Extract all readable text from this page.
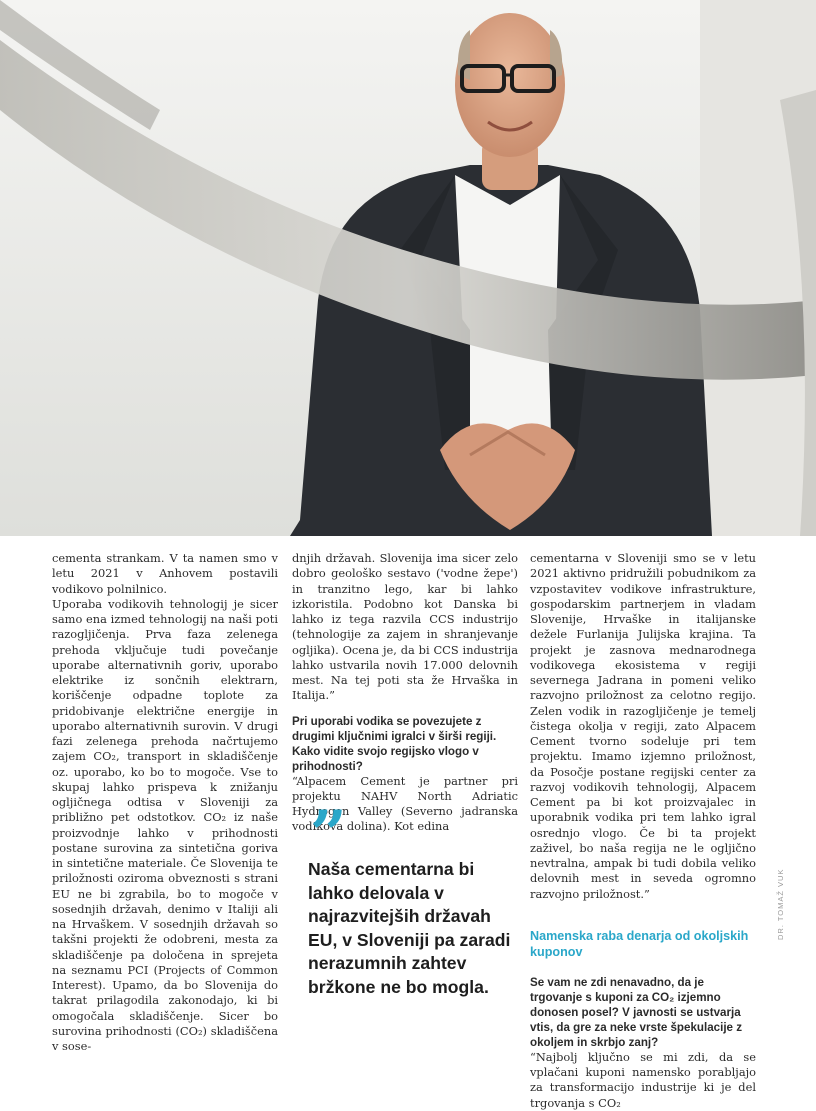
cementa strankam. V ta namen smo v letu 2021 v Anhovem postavili vodikovo polnilnico.

Uporaba vodikovih tehnologij je sicer samo ena izmed tehnologij na naši poti razogljičenja. Prva faza zelenega prehoda vključuje tudi povečanje uporabe alternativnih goriv, uporabo elektrike iz sončnih elektrarn, koriščenje odpadne toplote za pridobivanje električne energije in uporabo alternativnih surovin. V drugi fazi zelenega prehoda načrtujemo zajem CO₂, transport in skladiščenje oz. uporabo, ko bo to mogoče. Vse to skupaj lahko prispeva k znižanju ogljičnega odtisa v Sloveniji za približno pet odstotkov. CO₂ iz naše proizvodnje lahko v prihodnosti postane surovina za sintetična goriva in sintetične materiale. Če Slovenija te priložnosti oziroma obveznosti s strani EU ne bi zgrabila, bo to mogoče v sosednjih državah, denimo v Italiji ali na Hrvaškem. V sosednjih državah so takšni projekti že odobreni, mesta za skladiščenje pa določena in sprejeta na seznamu PCI (Projects of Common Interest). Upamo, da bo Slovenija do takrat prilagodila zakonodajo, ki bi omogočala skladiščenje. Sicer bo surovina prihodnosti (CO₂) skladiščena v sose-

dnjih državah. Slovenija ima sicer zelo dobro geološko sestavo ('vodne žepe') in tranzitno lego, kar bi lahko izkoristila. Podobno kot Danska bi lahko iz tega razvila CCS industrijo (tehnologije za zajem in shranjevanje ogljika). Ocena je, da bi CCS industrija lahko ustvarila novih 17.000 delovnih mest. Na tej poti sta že Hrvaška in Italija.”

Pri uporabi vodika se povezujete z drugimi ključnimi igralci v širši regiji. Kako vidite svojo regijsko vlogo v prihodnosti?

“Alpacem Cement je partner pri projektu NAHV North Adriatic Hydrogen Valley (Severno jadranska vodikova dolina). Kot edina

”
Naša cementarna bi lahko delovala v najrazvitejših državah EU, v Sloveniji pa zaradi nerazumnih zahtev bržkone ne bo mogla.

cementarna v Sloveniji smo se v letu 2021 aktivno pridružili pobudnikom za vzpostavitev vodikove infrastrukture, gospodarskim partnerjem in vladam Slovenije, Hrvaške in italijanske dežele Furlanija Julijska krajina. Ta projekt je zasnova mednarodnega vodikovega ekosistema v regiji severnega Jadrana in pomeni veliko razvojno priložnost za celotno regijo. Zelen vodik in razogljičenje je temelj čistega okolja v regiji, zato Alpacem Cement tvorno sodeluje pri tem projektu. Imamo izjemno priložnost, da Posočje postane regijski center za razvoj vodikovih tehnologij, Alpacem Cement pa bi kot proizvajalec in uporabnik vodika pri tem lahko igral osrednjo vlogo. Če bi ta projekt zaživel, bo naša regija ne le ogljično nevtralna, ampak bi tudi dobila veliko delovnih mest in seveda ogromno razvojno priložnost.”

Namenska raba denarja od okoljskih kuponov

Se vam ne zdi nenavadno, da je trgovanje s kuponi za CO₂ izjemno donosen posel? V javnosti se ustvarja vtis, da gre za neke vrste špekulacije z okoljem in skrbjo zanj?

“Najbolj ključno se mi zdi, da se vplačani kuponi namensko porabljajo za transformacijo industrije ki je del trgovanja s CO₂

DR. TOMAŽ VUK
